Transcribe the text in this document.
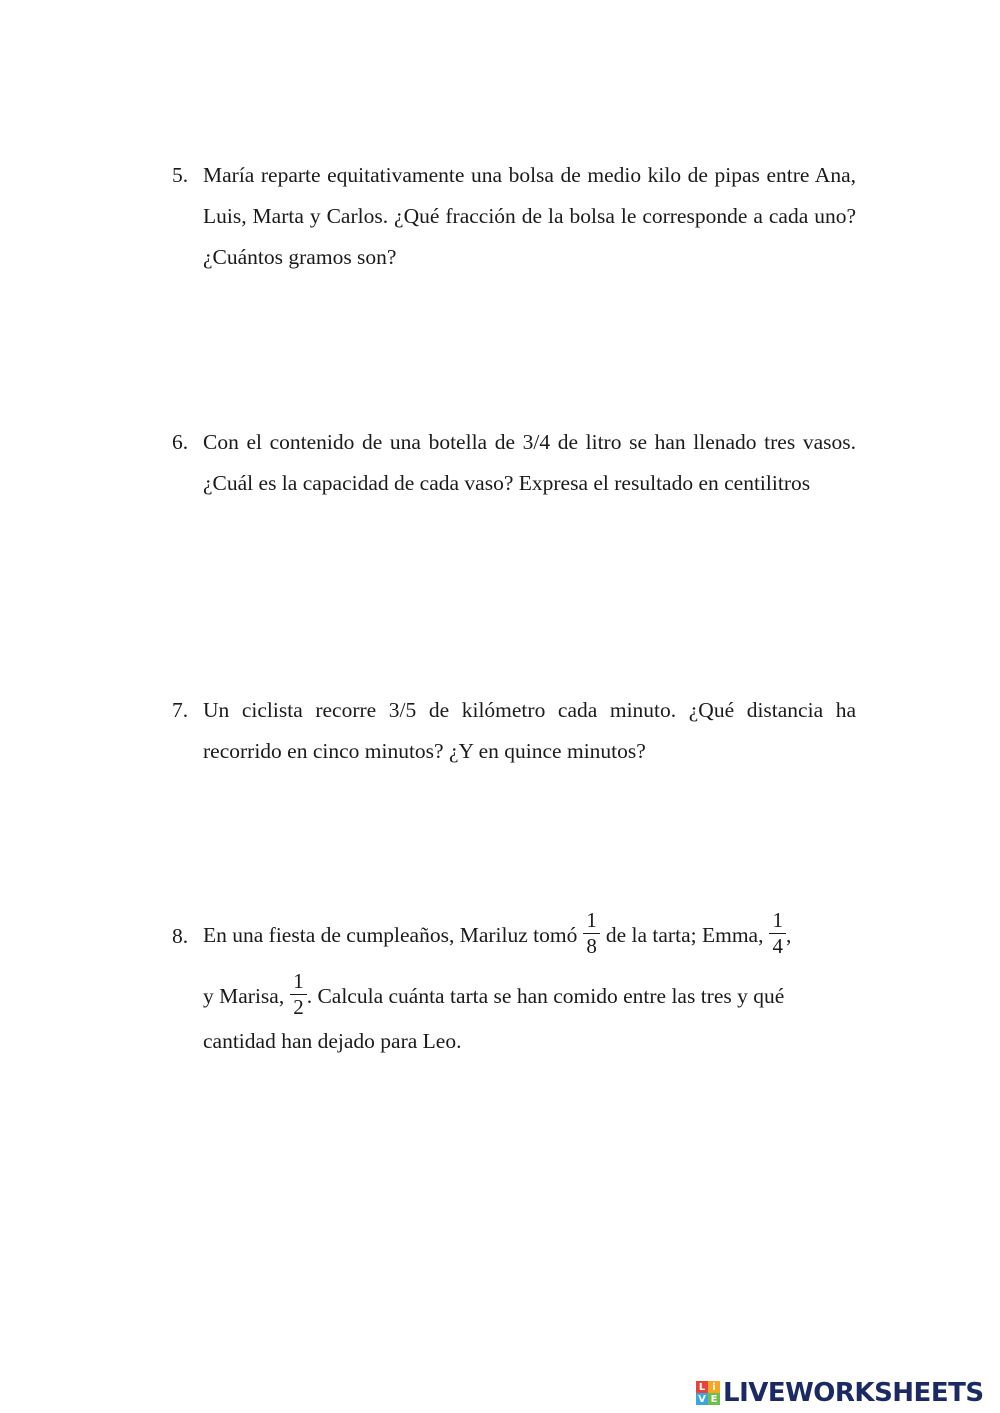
5. María reparte equitativamente una bolsa de medio kilo de pipas entre Ana, Luis, Marta y Carlos. ¿Qué fracción de la bolsa le corresponde a cada uno? ¿Cuántos gramos son?
6. Con el contenido de una botella de 3/4 de litro se han llenado tres vasos. ¿Cuál es la capacidad de cada vaso? Expresa el resultado en centilitros
7. Un ciclista recorre 3/5 de kilómetro cada minuto. ¿Qué distancia ha recorrido en cinco minutos? ¿Y en quince minutos?
8. En una fiesta de cumpleaños, Mariluz tomó $\frac{1}{8}$ de la tarta; Emma, $\frac{1}{4}$ ,
y Marisa, $\frac{1}{2}$ . Calcula cuánta tarta se han comido entre las tres y qué
cantidad han dejado para Leo.
L i
V E LIVEWORKSHEETS
